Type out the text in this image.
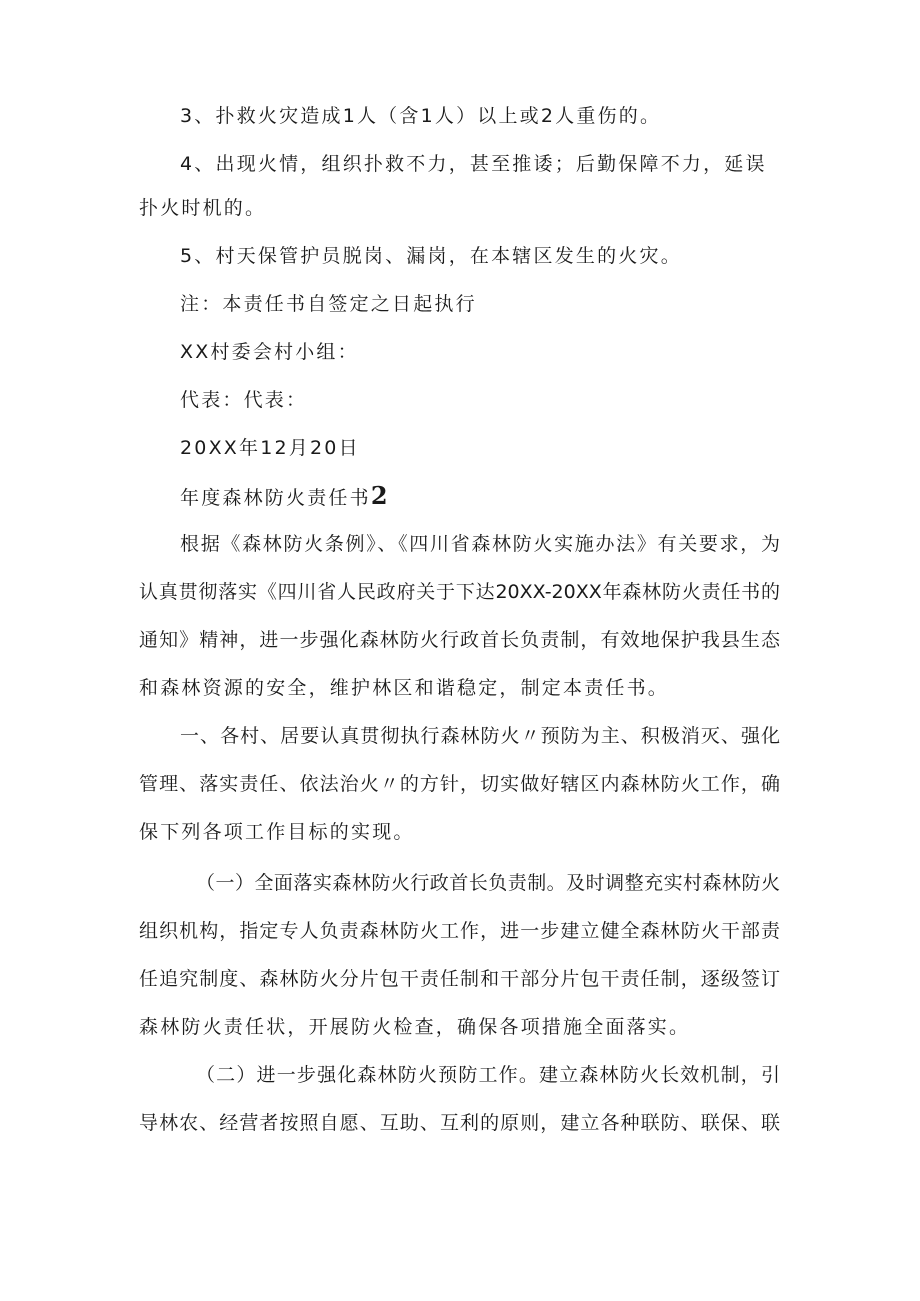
3、扑救火灾造成1人（含1人）以上或2人重伤的。
4、出现火情，组织扑救不力，甚至推诿；后勤保障不力，延误
扑火时机的。
5、村天保管护员脱岗、漏岗，在本辖区发生的火灾。
注：本责任书自签定之日起执行
XX村委会村小组：
代表：代表：
20XX年12月20日
年度森林防火责任书2
根据《森林防火条例》、《四川省森林防火实施办法》有关要求，为
认真贯彻落实《四川省人民政府关于下达20XX-20XX年森林防火责任书的
通知》精神，进一步强化森林防火行政首长负责制，有效地保护我县生态
和森林资源的安全，维护林区和谐稳定，制定本责任书。
一、各村、居要认真贯彻执行森林防火〃预防为主、积极消灭、强化
管理、落实责任、依法治火〃的方针，切实做好辖区内森林防火工作，确
保下列各项工作目标的实现。
（一）全面落实森林防火行政首长负责制。及时调整充实村森林防火
组织机构，指定专人负责森林防火工作，进一步建立健全森林防火干部责
任追究制度、森林防火分片包干责任制和干部分片包干责任制，逐级签订
森林防火责任状，开展防火检查，确保各项措施全面落实。
（二）进一步强化森林防火预防工作。建立森林防火长效机制，引
导林农、经营者按照自愿、互助、互利的原则，建立各种联防、联保、联
